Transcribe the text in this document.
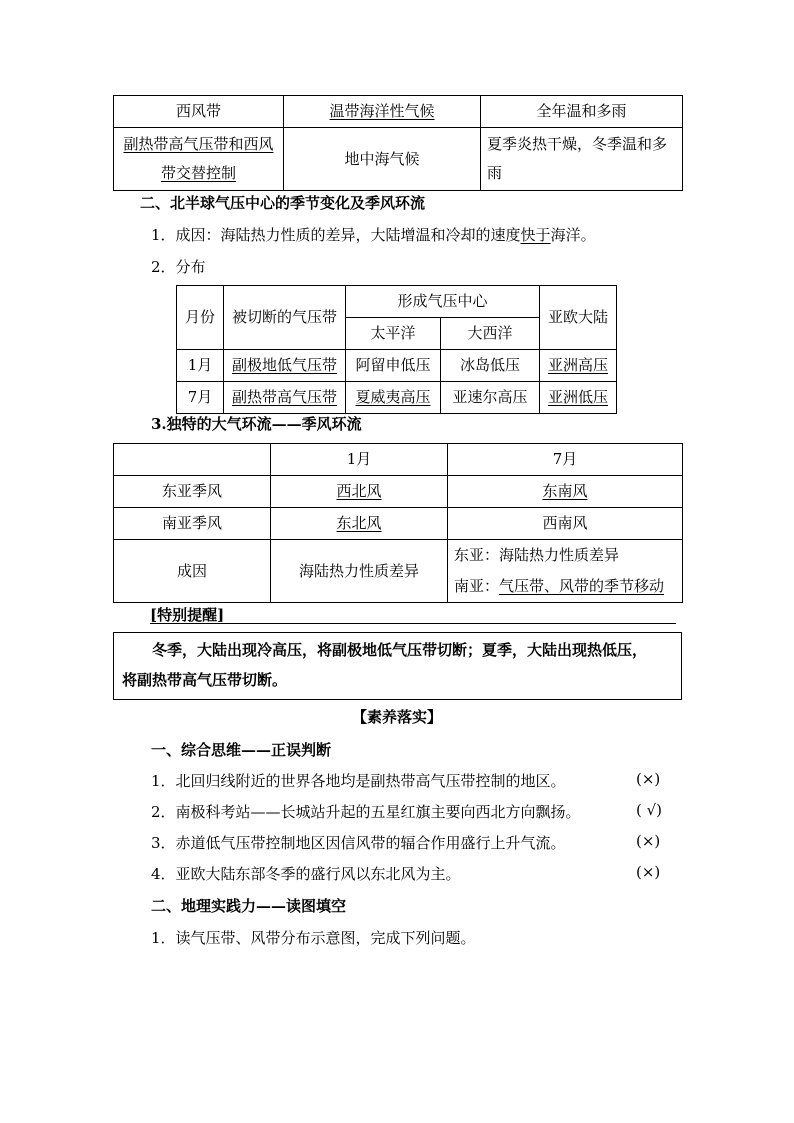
西风带	温带海洋性气候	全年温和多雨
副热带高气压带和西风带交替控制	地中海气候	夏季炎热干燥，冬季温和多雨
二、北半球气压中心的季节变化及季风环流
1．成因：海陆热力性质的差异，大陆增温和冷却的速度快于海洋。
2．分布
月份	被切断的气压带	形成气压中心		亚欧大陆
		太平洋	大西洋	
1月	副极地低气压带	阿留申低压	冰岛低压	亚洲高压
7月	副热带高气压带	夏威夷高压	亚速尔高压	亚洲低压
3.独特的大气环流——季风环流
	1月	7月
东亚季风	西北风	东南风
南亚季风	东北风	西南风
成因	海陆热力性质差异	东亚：海陆热力性质差异
南亚：气压带、风带的季节移动
[特别提醒]
冬季，大陆出现冷高压，将副极地低气压带切断；夏季，大陆出现热低压，
将副热带高气压带切断。
【素养落实】
一、综合思维——正误判断
1．北回归线附近的世界各地均是副热带高气压带控制的地区。	(×)
2．南极科考站——长城站升起的五星红旗主要向西北方向飘扬。	( √)
3．赤道低气压带控制地区因信风带的辐合作用盛行上升气流。	(×)
4．亚欧大陆东部冬季的盛行风以东北风为主。	(×)
二、地理实践力——读图填空
1．读气压带、风带分布示意图，完成下列问题。
